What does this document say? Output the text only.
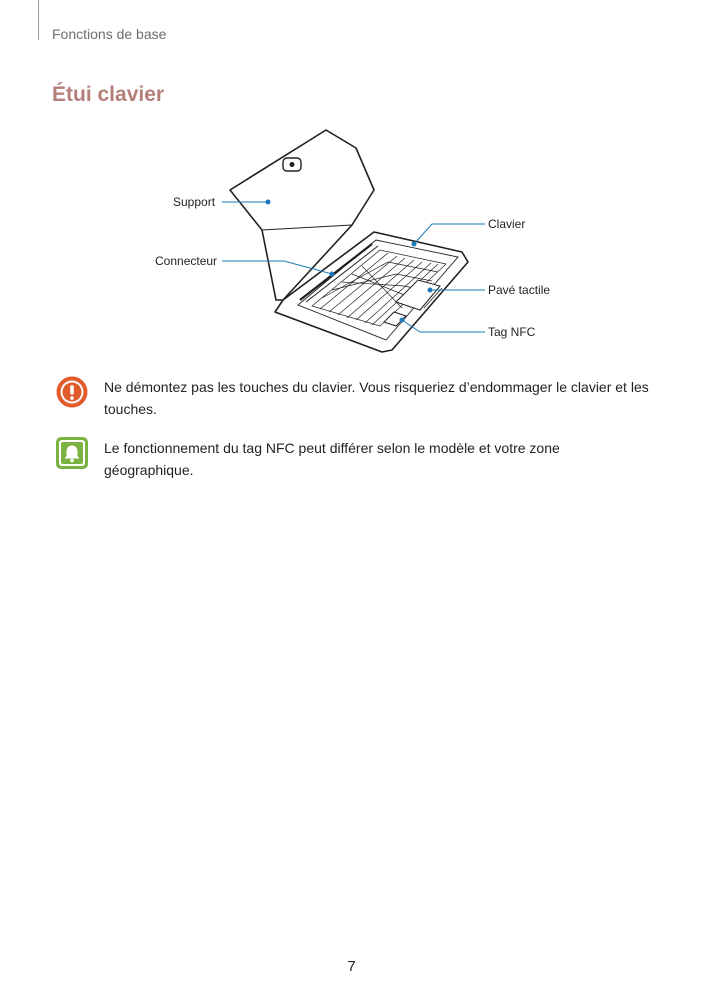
Fonctions de base
Étui clavier
Support
Connecteur
Clavier
Pavé tactile
Tag NFC
Ne démontez pas les touches du clavier. Vous risqueriez d’endommager le clavier et les touches.
Le fonctionnement du tag NFC peut différer selon le modèle et votre zone géographique.
7
